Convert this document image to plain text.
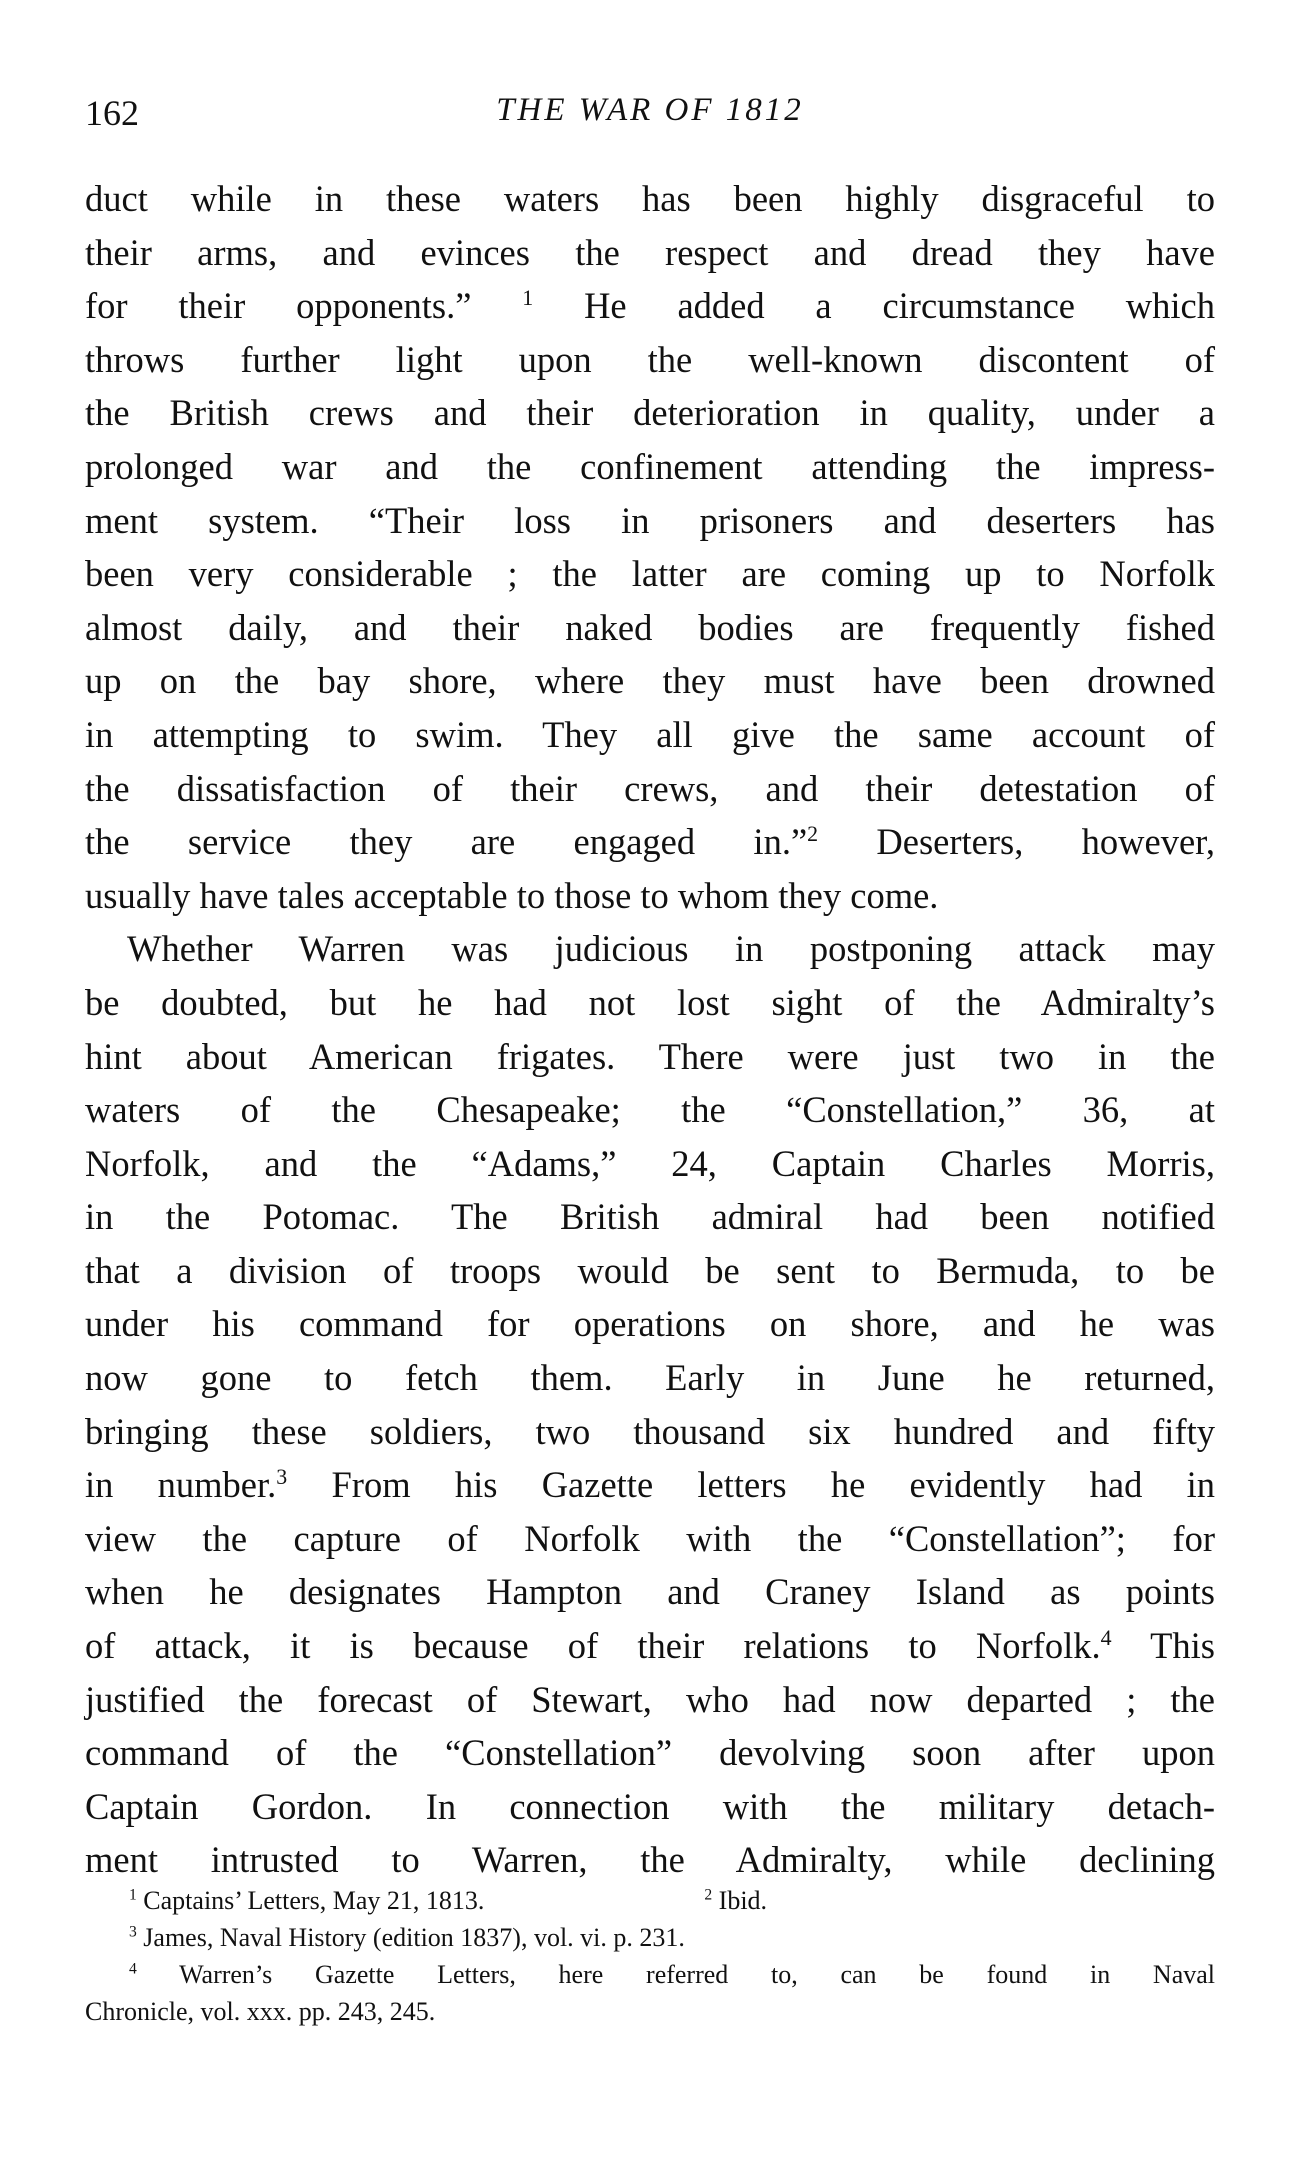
162	THE WAR OF 1812
duct while in these waters has been highly disgraceful to
their arms, and evinces the respect and dread they have
for their opponents.” $^1$ He added a circumstance which
throws further light upon the well-known discontent of
the British crews and their deterioration in quality, under a
prolonged war and the confinement attending the impress-
ment system. “Their loss in prisoners and deserters has
been very considerable ; the latter are coming up to Norfolk
almost daily, and their naked bodies are frequently fished
up on the bay shore, where they must have been drowned
in attempting to swim. They all give the same account of
the dissatisfaction of their crews, and their detestation of
the service they are engaged in.”$^2$ Deserters, however,
usually have tales acceptable to those to whom they come.
Whether Warren was judicious in postponing attack may
be doubted, but he had not lost sight of the Admiralty’s
hint about American frigates. There were just two in the
waters of the Chesapeake; the “Constellation,” 36, at
Norfolk, and the “Adams,” 24, Captain Charles Morris,
in the Potomac. The British admiral had been notified
that a division of troops would be sent to Bermuda, to be
under his command for operations on shore, and he was
now gone to fetch them. Early in June he returned,
bringing these soldiers, two thousand six hundred and fifty
in number.$^3$ From his Gazette letters he evidently had in
view the capture of Norfolk with the “Constellation”; for
when he designates Hampton and Craney Island as points
of attack, it is because of their relations to Norfolk.$^4$ This
justified the forecast of Stewart, who had now departed ; the
command of the “Constellation” devolving soon after upon
Captain Gordon. In connection with the military detach-
ment intrusted to Warren, the Admiralty, while declining
$^1$ Captains’ Letters, May 21, 1813.	$^2$ Ibid.
$^3$ James, Naval History (edition 1837), vol. vi. p. 231.
$^4$ Warren’s Gazette Letters, here referred to, can be found in Naval
Chronicle, vol. xxx. pp. 243, 245.
